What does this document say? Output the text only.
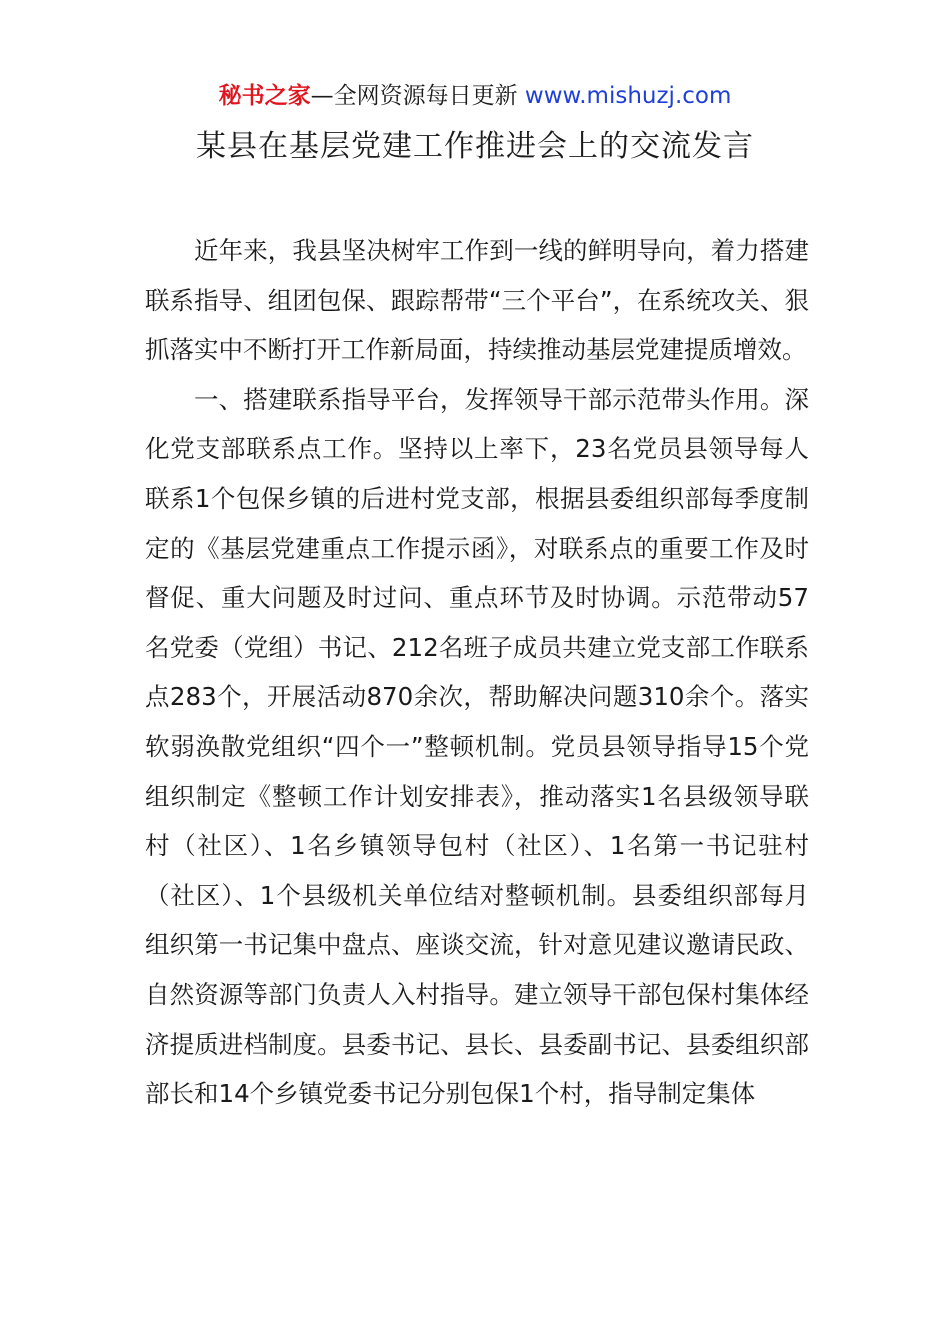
秘书之家—全网资源每日更新 www.mishuzj.com
某县在基层党建工作推进会上的交流发言

近年来，我县坚决树牢工作到一线的鲜明导向，着力搭建联系指导、组团包保、跟踪帮带“三个平台”，在系统攻关、狠抓落实中不断打开工作新局面，持续推动基层党建提质增效。

一、搭建联系指导平台，发挥领导干部示范带头作用。深化党支部联系点工作。坚持以上率下，23名党员县领导每人联系1个包保乡镇的后进村党支部，根据县委组织部每季度制定的《基层党建重点工作提示函》，对联系点的重要工作及时督促、重大问题及时过问、重点环节及时协调。示范带动57名党委（党组）书记、212名班子成员共建立党支部工作联系点283个，开展活动870余次，帮助解决问题310余个。落实软弱涣散党组织“四个一”整顿机制。党员县领导指导15个党组织制定《整顿工作计划安排表》，推动落实1名县级领导联村（社区）、1名乡镇领导包村（社区）、1名第一书记驻村（社区）、1个县级机关单位结对整顿机制。县委组织部每月组织第一书记集中盘点、座谈交流，针对意见建议邀请民政、自然资源等部门负责人入村指导。建立领导干部包保村集体经济提质进档制度。县委书记、县长、县委副书记、县委组织部部长和14个乡镇党委书记分别包保1个村，指导制定集体
